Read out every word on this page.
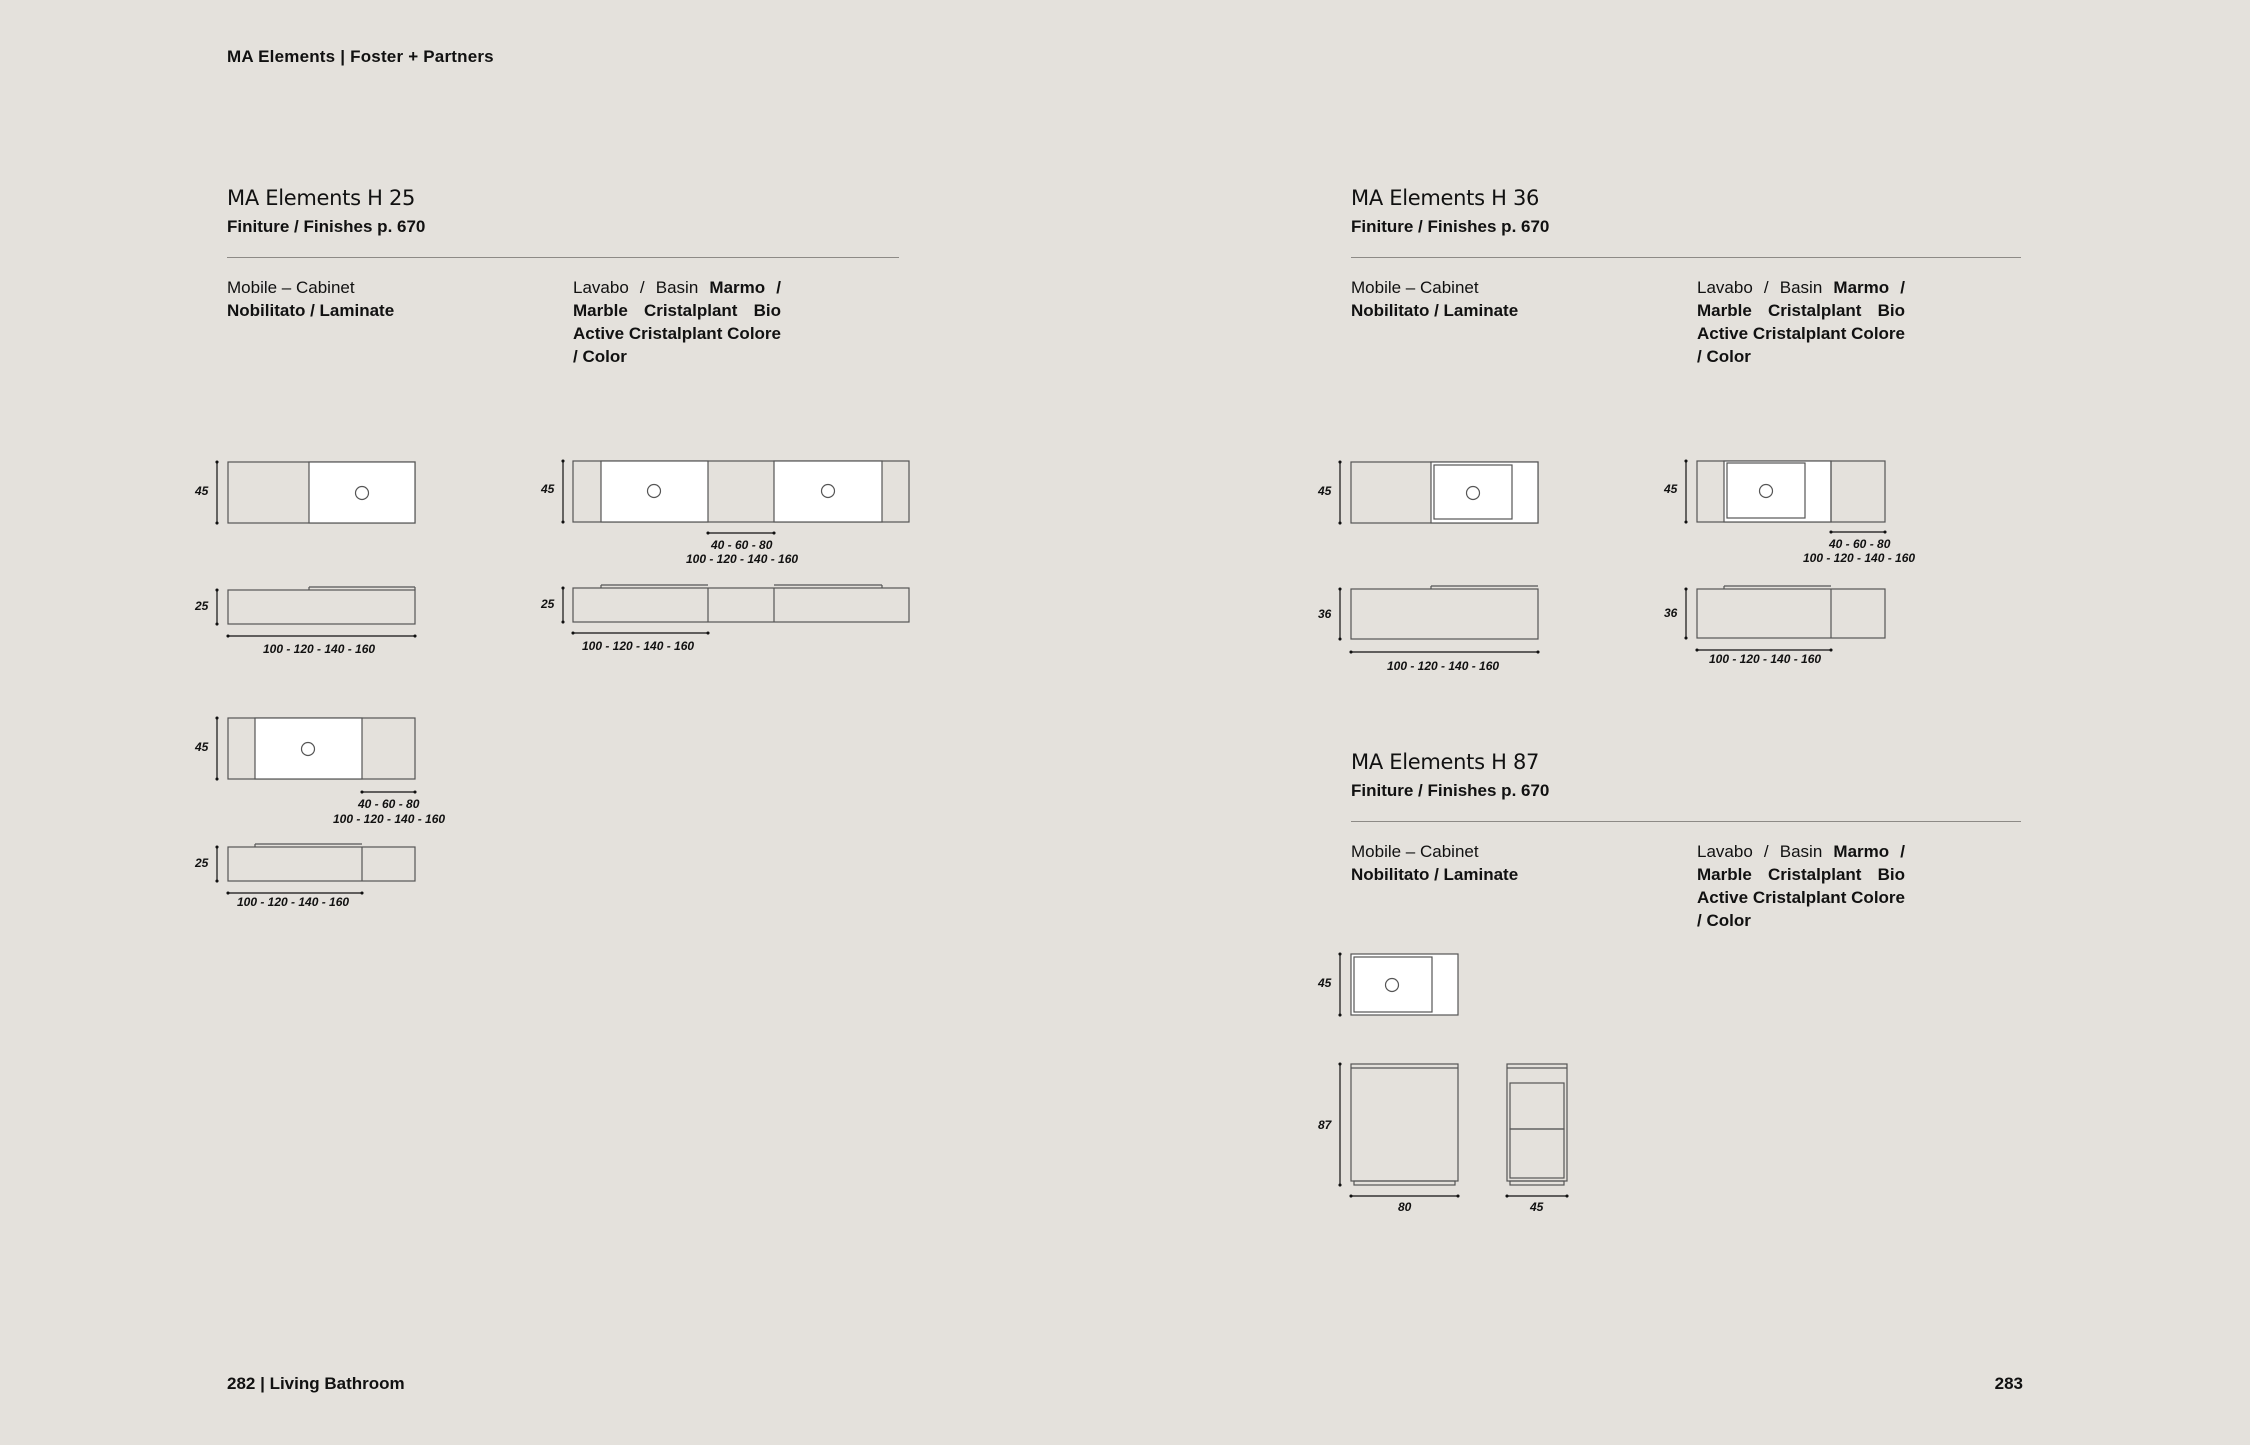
MA Elements | Foster + Partners
MA Elements H 25
Finiture / Finishes p. 670
Mobile – Cabinet
Nobilitato / Laminate
Lavabo / Basin Marmo / Marble Cristalplant Bio Active Cristalplant Colore / Color
MA Elements H 36
Finiture / Finishes p. 670
Mobile – Cabinet
Nobilitato / Laminate
Lavabo / Basin Marmo / Marble Cristalplant Bio Active Cristalplant Colore / Color
MA Elements H 87
Finiture / Finishes p. 670
Mobile – Cabinet
Nobilitato / Laminate
Lavabo / Basin Marmo / Marble Cristalplant Bio Active Cristalplant Colore / Color
45
25
100 - 120 - 140 - 160
45
40 - 60 - 80
100 - 120 - 140 - 160
25
100 - 120 - 140 - 160
45
40 - 60 - 80
100 - 120 - 140 - 160
25
100 - 120 - 140 - 160
45
36
100 - 120 - 140 - 160
45
40 - 60 - 80
100 - 120 - 140 - 160
36
100 - 120 - 140 - 160
45
87
80	45
282 | Living Bathroom	283
